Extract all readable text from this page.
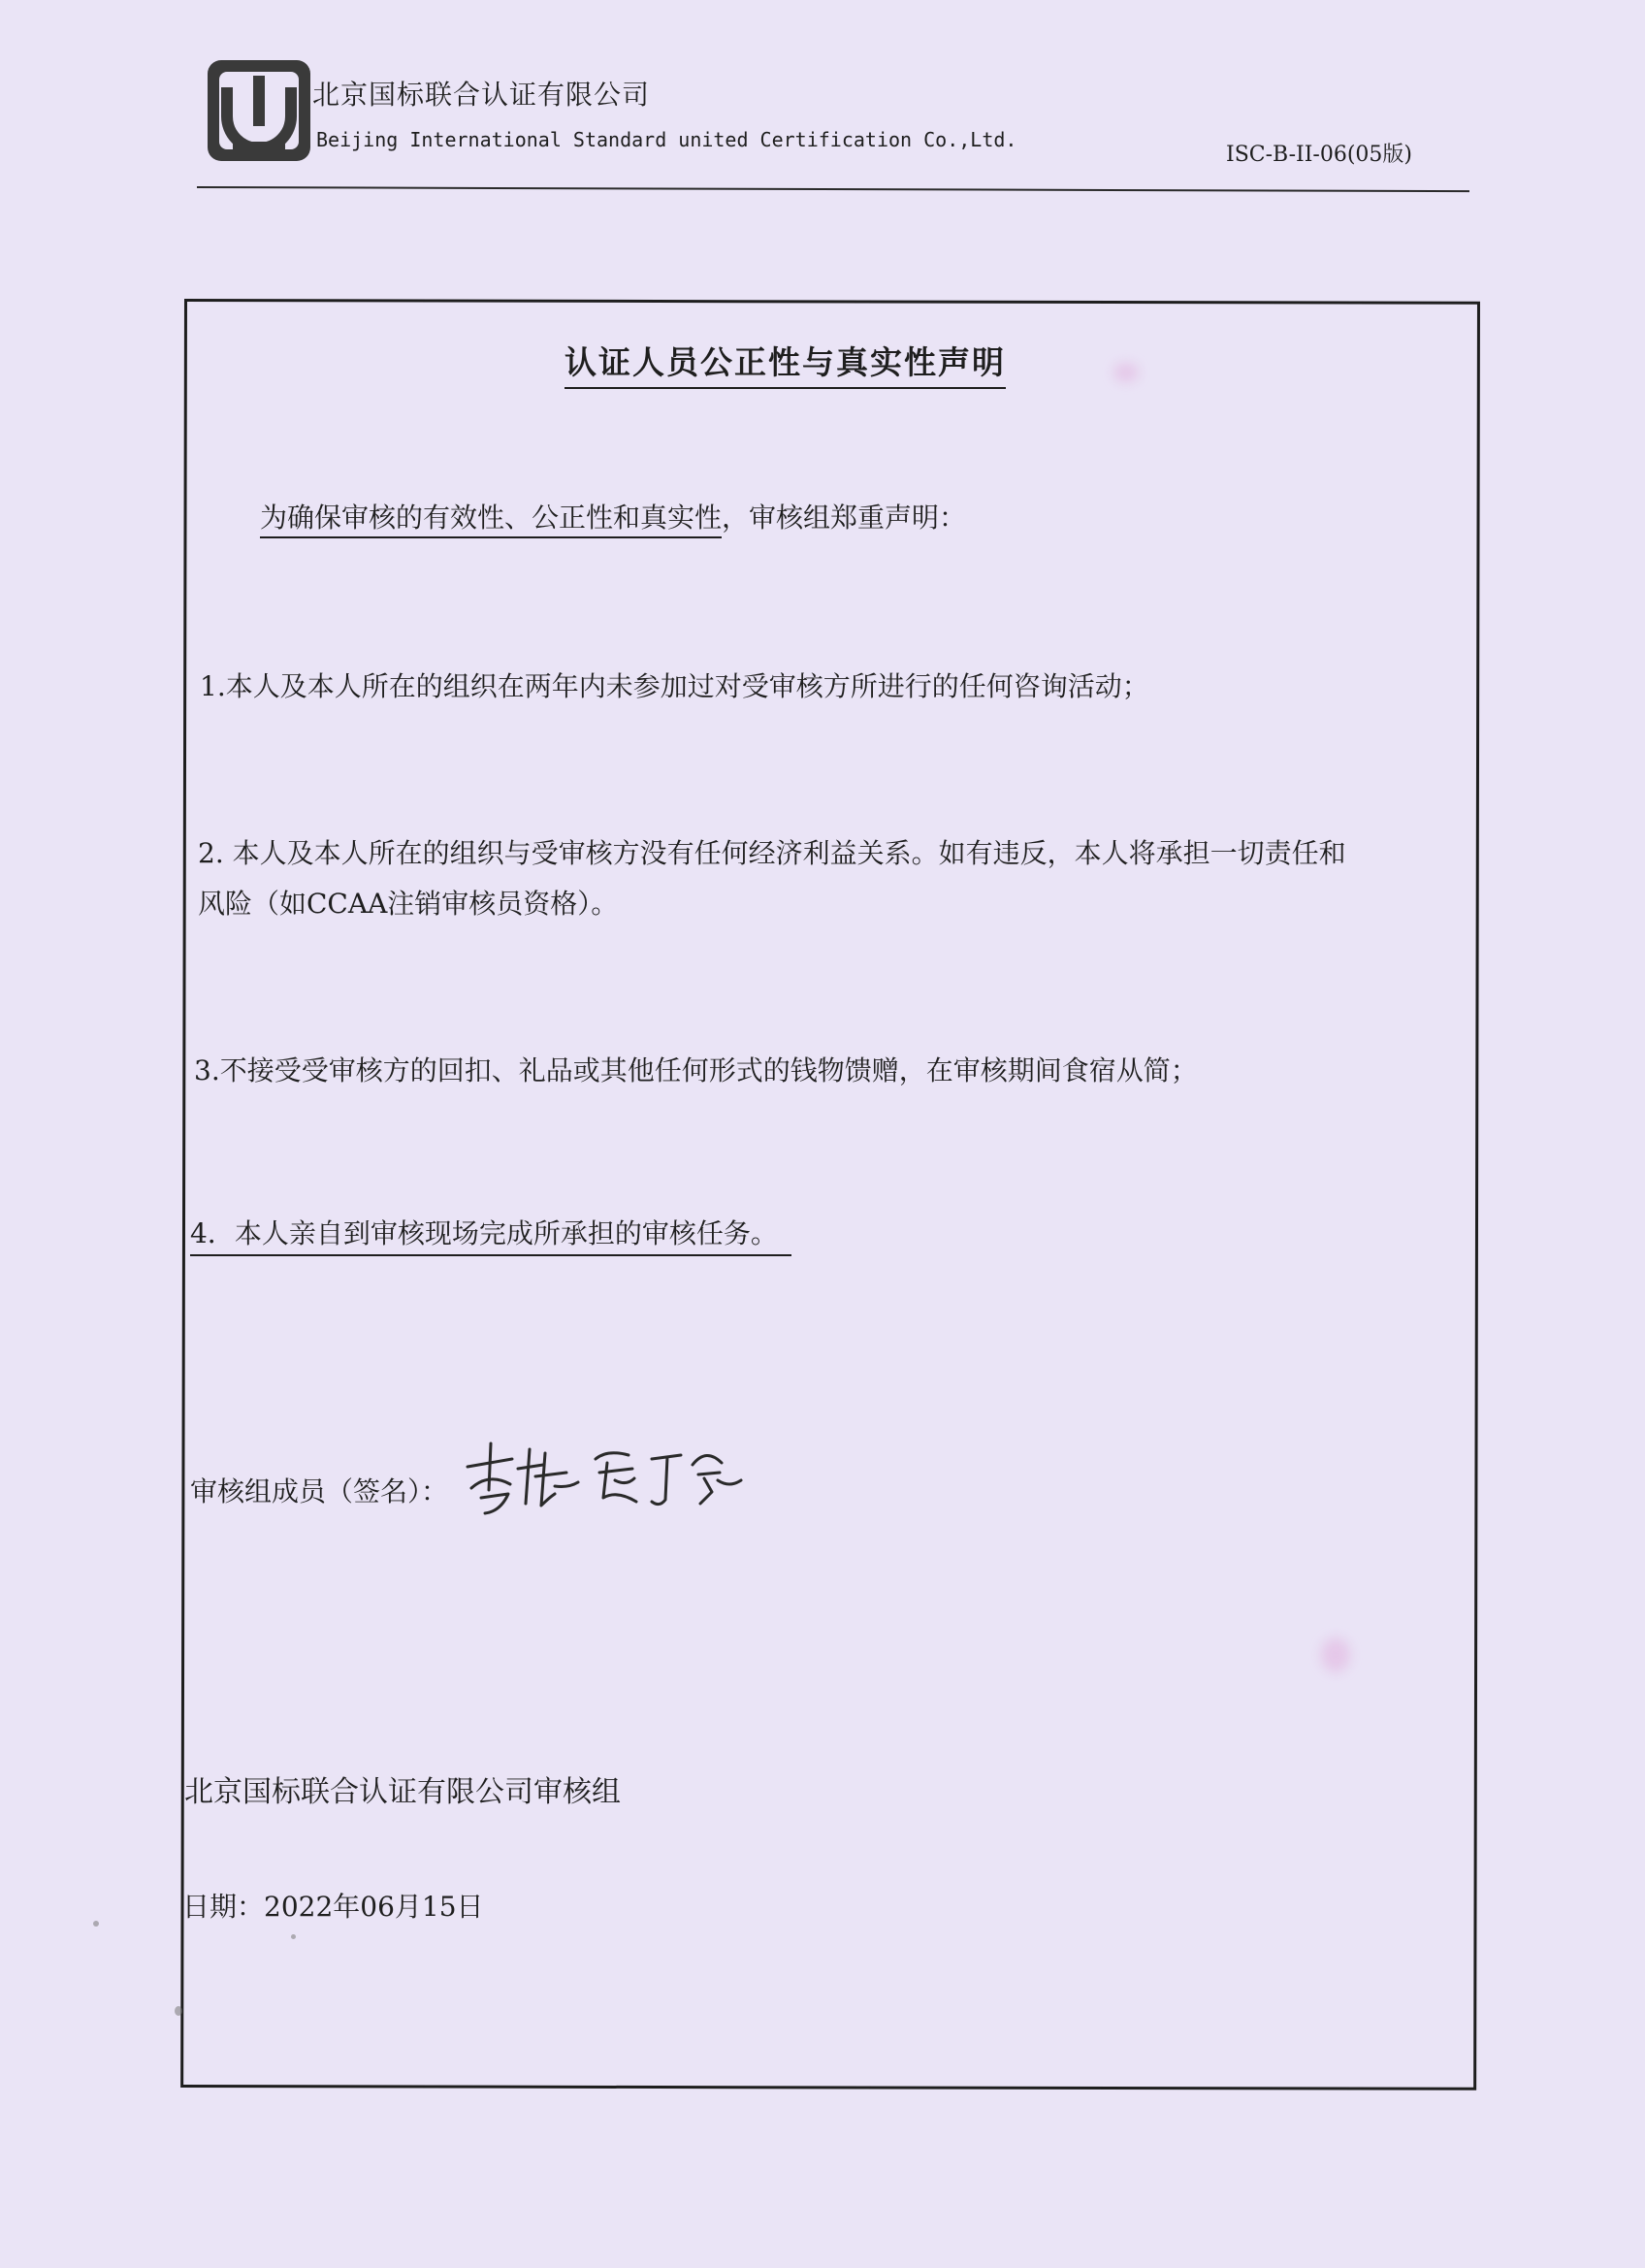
北京国标联合认证有限公司
Beijing International Standard united Certification Co.,Ltd.
ISC-B-II-06(05版)
认证人员公正性与真实性声明
为确保审核的有效性、公正性和真实性，审核组郑重声明：
1.本人及本人所在的组织在两年内未参加过对受审核方所进行的任何咨询活动；
2. 本人及本人所在的组织与受审核方没有任何经济利益关系。如有违反，本人将承担一切责任和
风险（如CCAA注销审核员资格）。
3.不接受受审核方的回扣、礼品或其他任何形式的钱物馈赠，在审核期间食宿从简；
4．本人亲自到审核现场完成所承担的审核任务。
审核组成员（签名）：
北京国标联合认证有限公司审核组
日期：2022年06月15日
